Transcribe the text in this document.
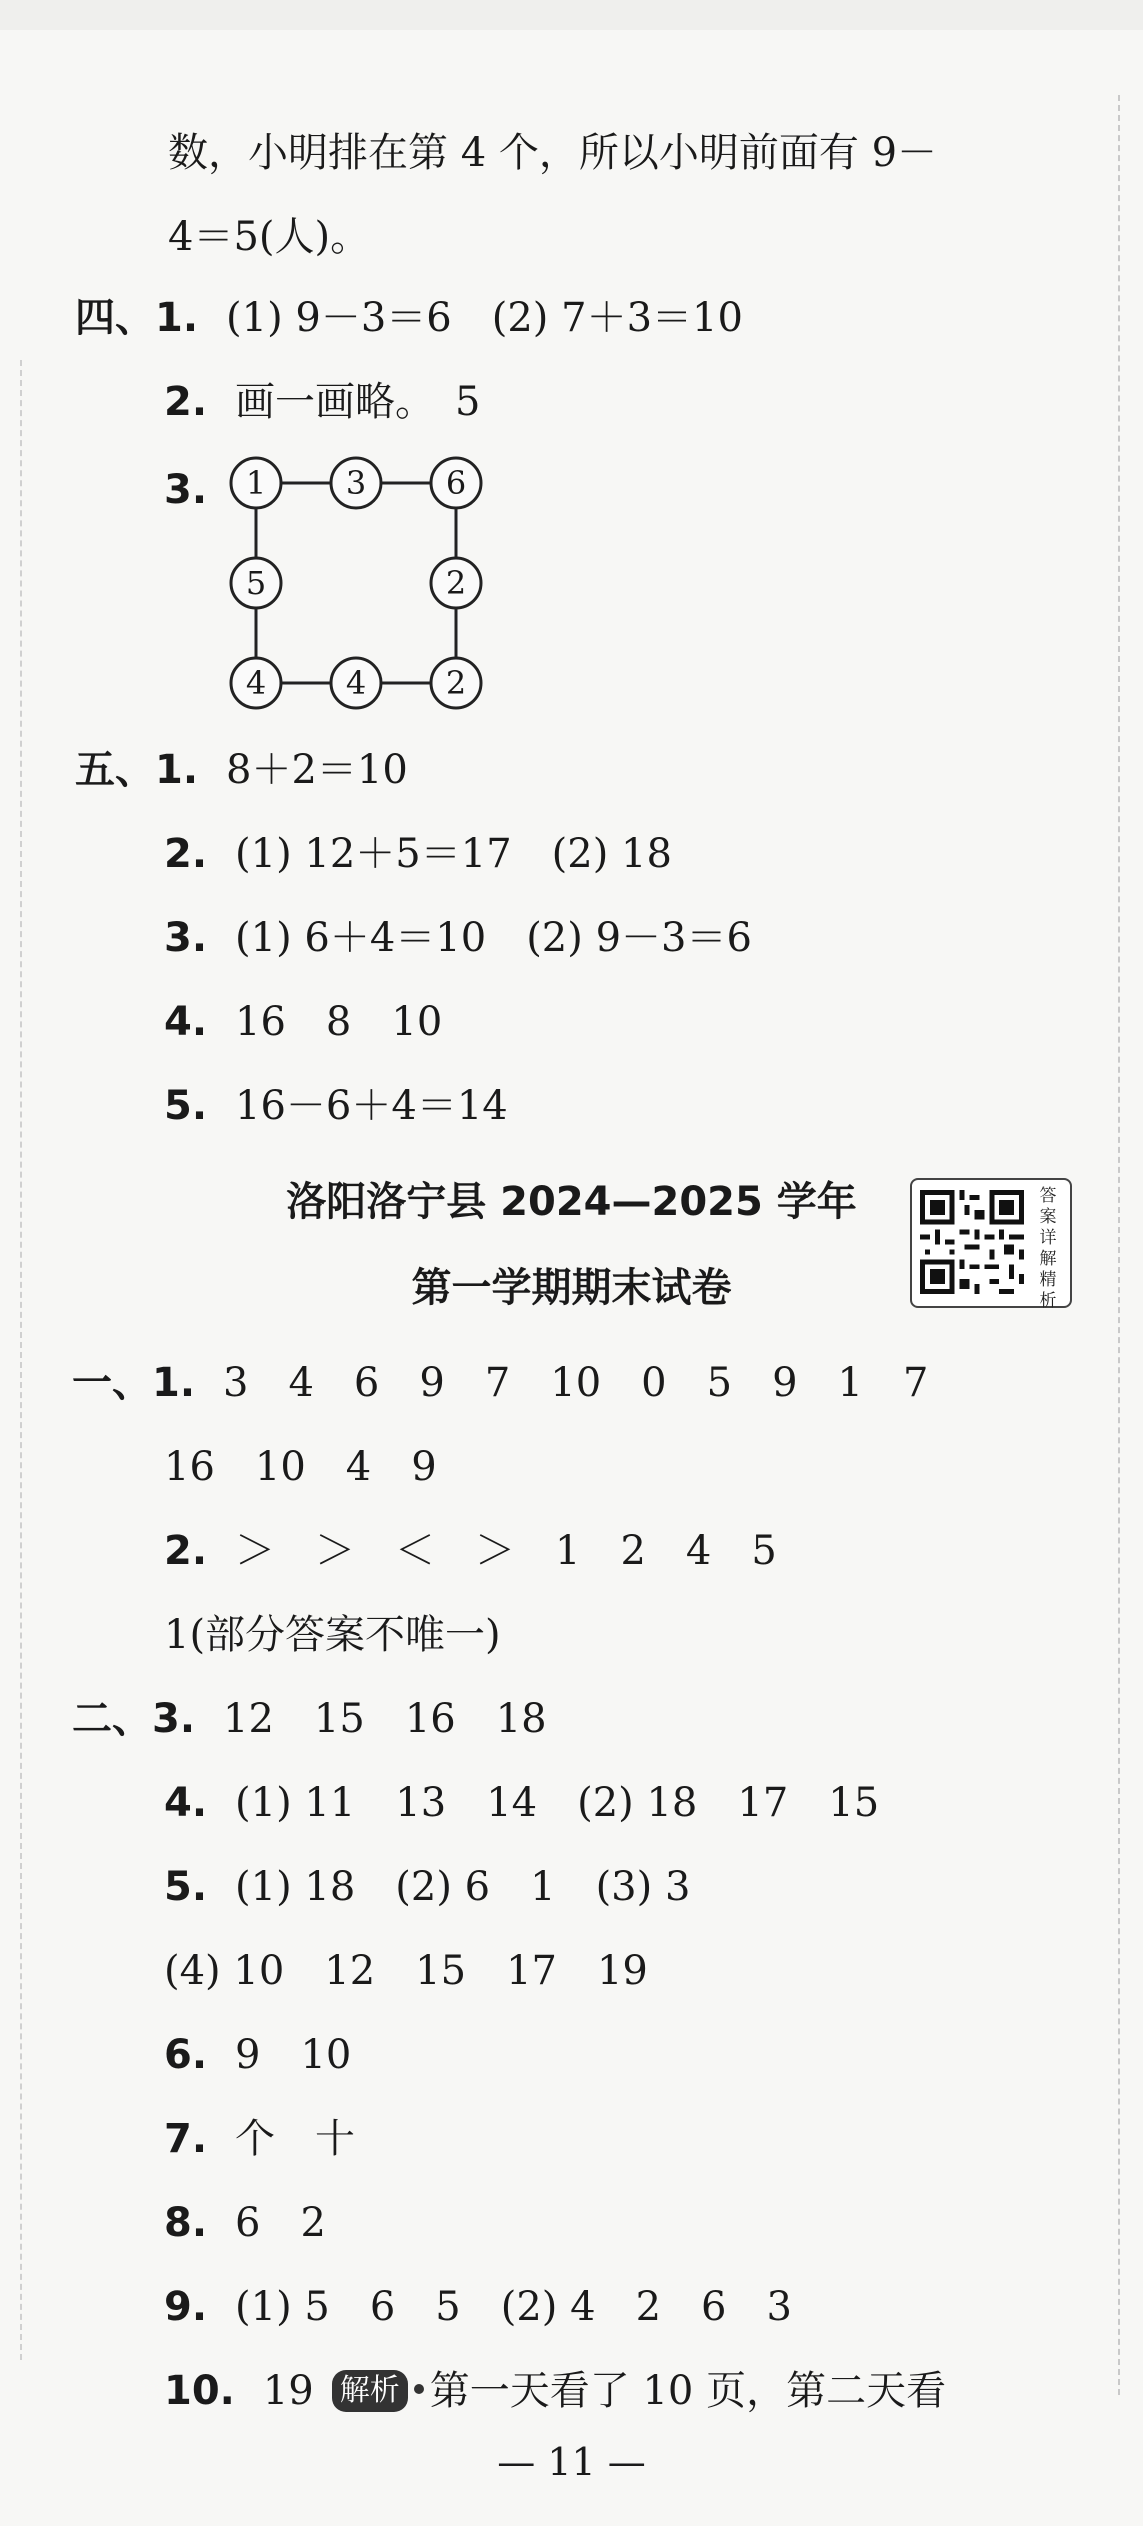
数，小明排在第 4 个，所以小明前面有 9－
4＝5(人)。
四、1. (1) 9－3＝6　(2) 7＋3＝10
2. 画一画略。　5
3. 1 3 6
5	2
4 4 2
五、1. 8＋2＝10
2. (1) 12＋5＝17　(2) 18
3. (1) 6＋4＝10　(2) 9－3＝6
4. 16　8　10
5. 16－6＋4＝14
洛阳洛宁县 2024—2025 学年
第一学期期末试卷
答案详解精析
一、1. 3　4　6　9　7　10　0　5　9　1　7
16　10　4　9
2. ＞　＞　＜　＞　1　2　4　5
1(部分答案不唯一)
二、3. 12　15　16　18
4. (1) 11　13　14　(2) 18　17　15
5. (1) 18　(2) 6　1　(3) 3
(4) 10　12　15　17　19
6. 9　10
7. 个　十
8. 6　2
9. (1) 5　6　5　(2) 4　2　6　3
10. 19 解析 第一天看了 10 页，第二天看
— 11 —
